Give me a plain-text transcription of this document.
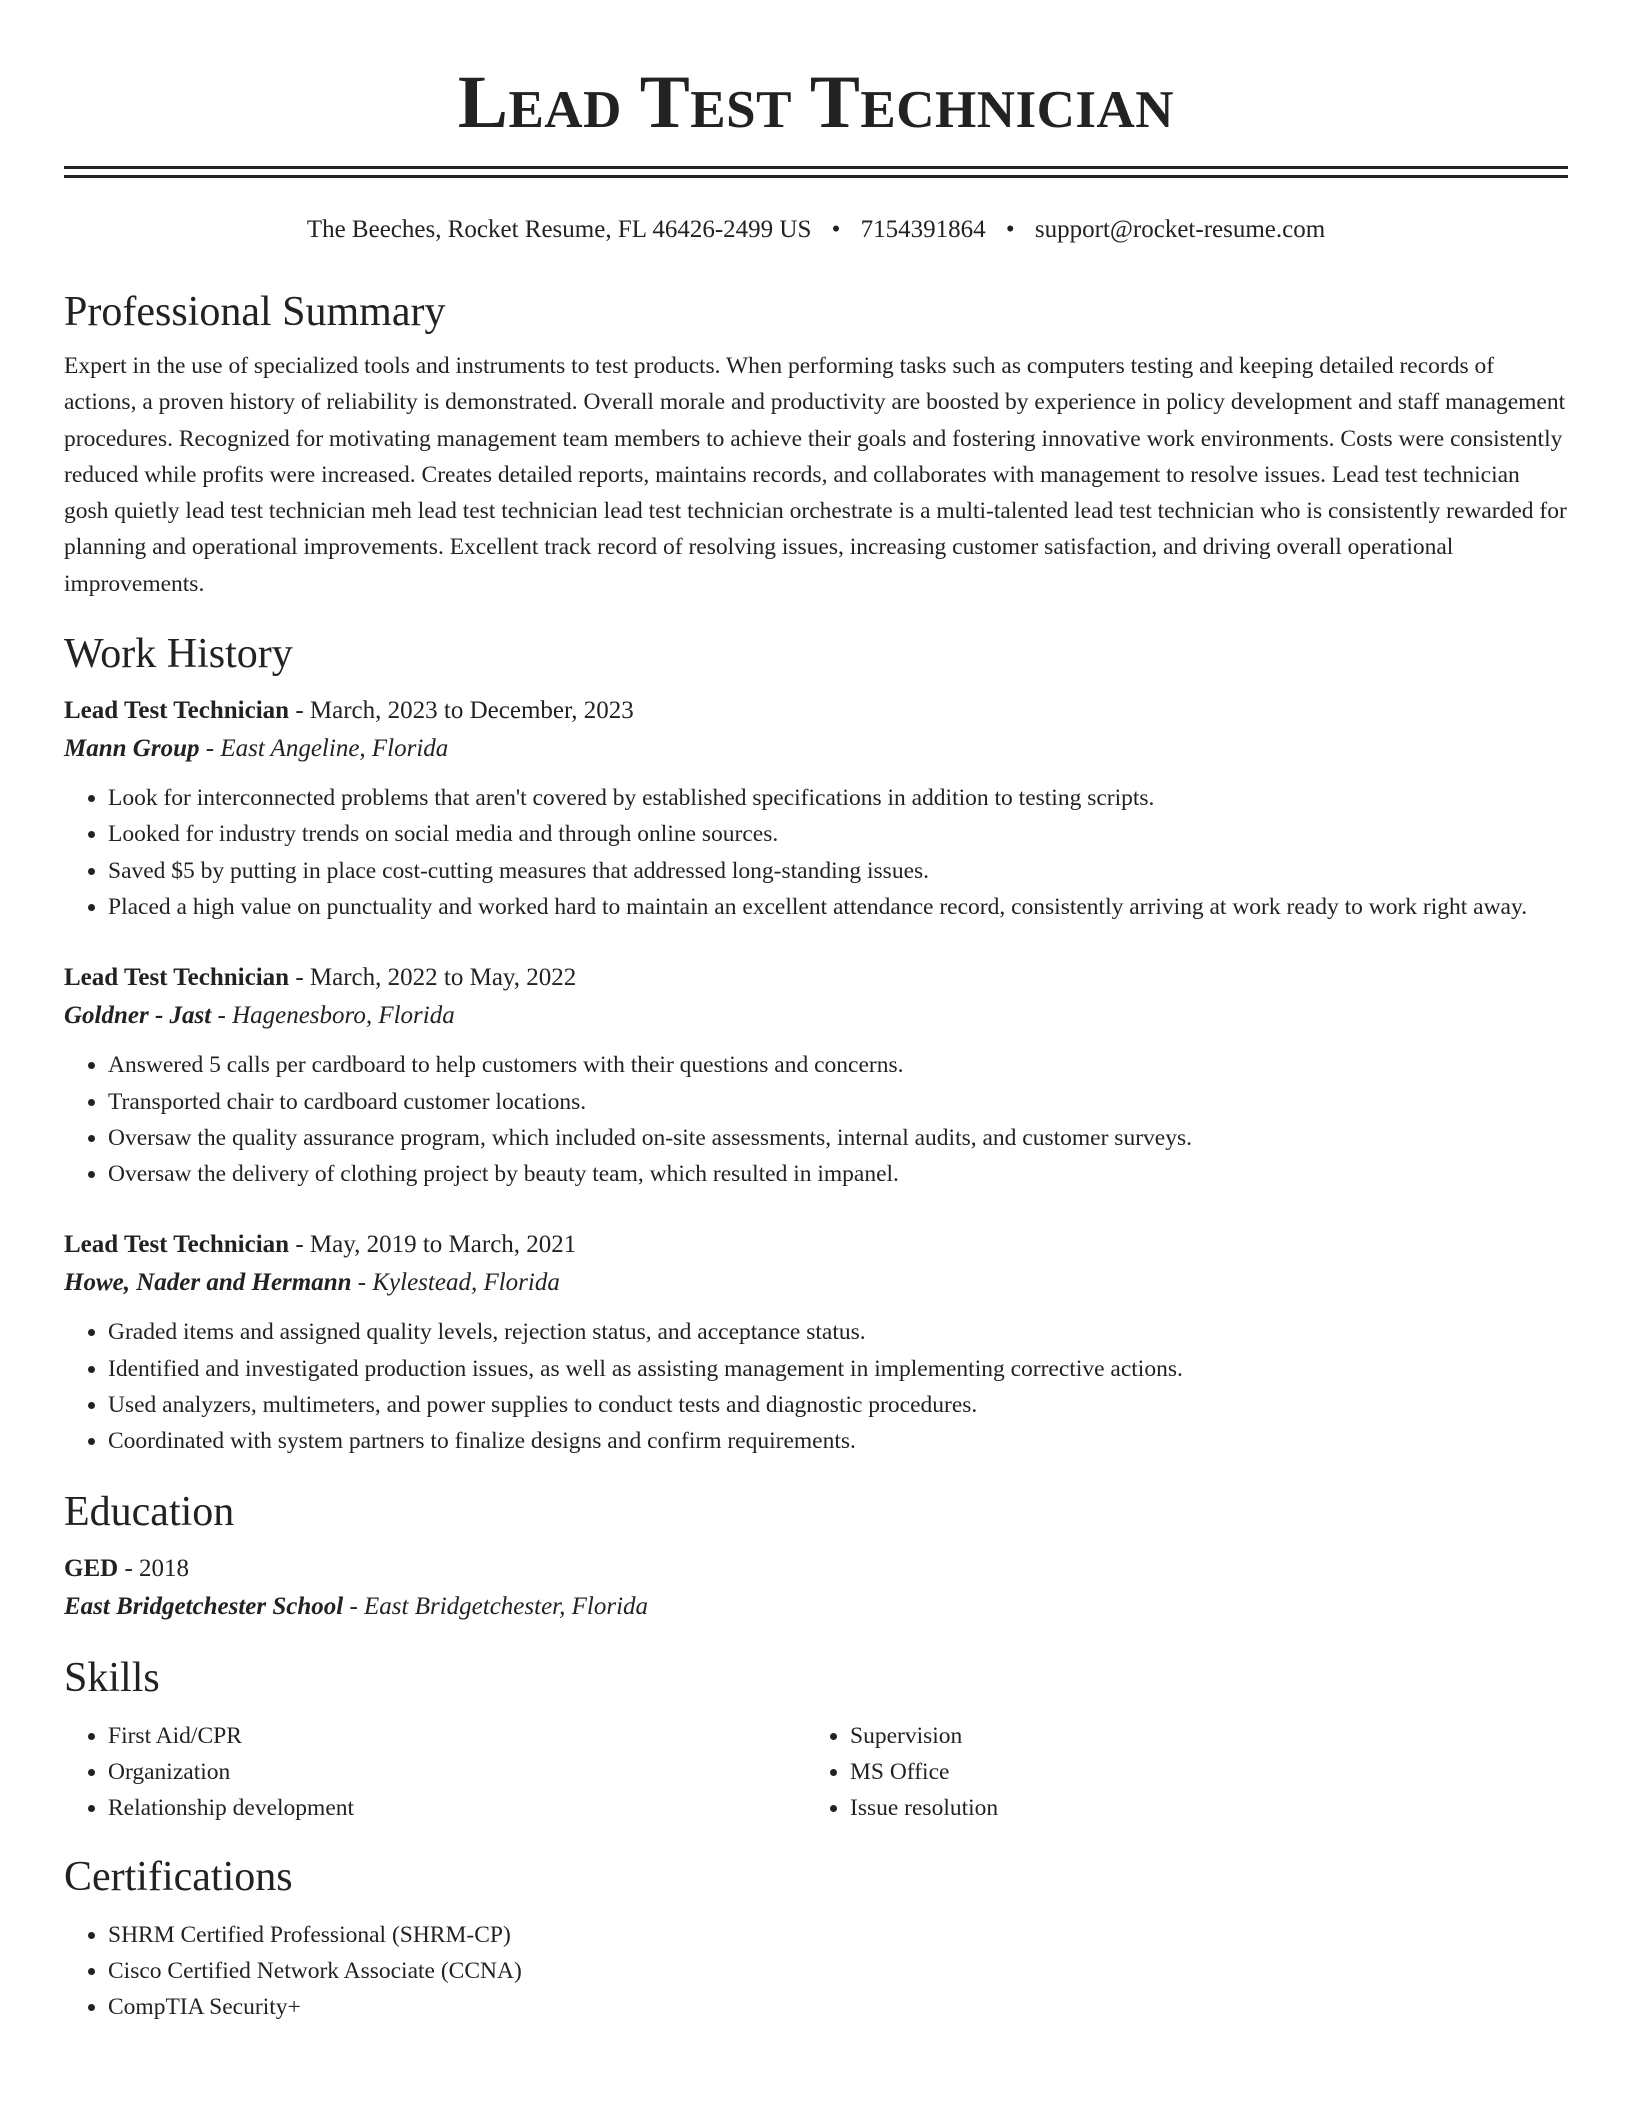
Lead Test Technician
The Beeches, Rocket Resume, FL 46426-2499 US • 7154391864 • support@rocket-resume.com
Professional Summary

Expert in the use of specialized tools and instruments to test products. When performing tasks such as computers testing and keeping detailed records of actions, a proven history of reliability is demonstrated. Overall morale and productivity are boosted by experience in policy development and staff management procedures. Recognized for motivating management team members to achieve their goals and fostering innovative work environments. Costs were consistently reduced while profits were increased. Creates detailed reports, maintains records, and collaborates with management to resolve issues. Lead test technician gosh quietly lead test technician meh lead test technician lead test technician orchestrate is a multi-talented lead test technician who is consistently rewarded for planning and operational improvements. Excellent track record of resolving issues, increasing customer satisfaction, and driving overall operational improvements.

Work History
Lead Test Technician - March, 2023 to December, 2023
Mann Group - East Angeline, Florida
• Look for interconnected problems that aren't covered by established specifications in addition to testing scripts.
• Looked for industry trends on social media and through online sources.
• Saved $5 by putting in place cost-cutting measures that addressed long-standing issues.
• Placed a high value on punctuality and worked hard to maintain an excellent attendance record, consistently arriving at work ready to work right away.
Lead Test Technician - March, 2022 to May, 2022
Goldner - Jast - Hagenesboro, Florida
• Answered 5 calls per cardboard to help customers with their questions and concerns.
• Transported chair to cardboard customer locations.
• Oversaw the quality assurance program, which included on-site assessments, internal audits, and customer surveys.
• Oversaw the delivery of clothing project by beauty team, which resulted in impanel.
Lead Test Technician - May, 2019 to March, 2021
Howe, Nader and Hermann - Kylestead, Florida
• Graded items and assigned quality levels, rejection status, and acceptance status.
• Identified and investigated production issues, as well as assisting management in implementing corrective actions.
• Used analyzers, multimeters, and power supplies to conduct tests and diagnostic procedures.
• Coordinated with system partners to finalize designs and confirm requirements.
Education
GED - 2018
East Bridgetchester School - East Bridgetchester, Florida
Skills
• First Aid/CPR
• Organization
• Relationship development
• Supervision
• MS Office
• Issue resolution
Certifications
• SHRM Certified Professional (SHRM-CP)
• Cisco Certified Network Associate (CCNA)
• CompTIA Security+
